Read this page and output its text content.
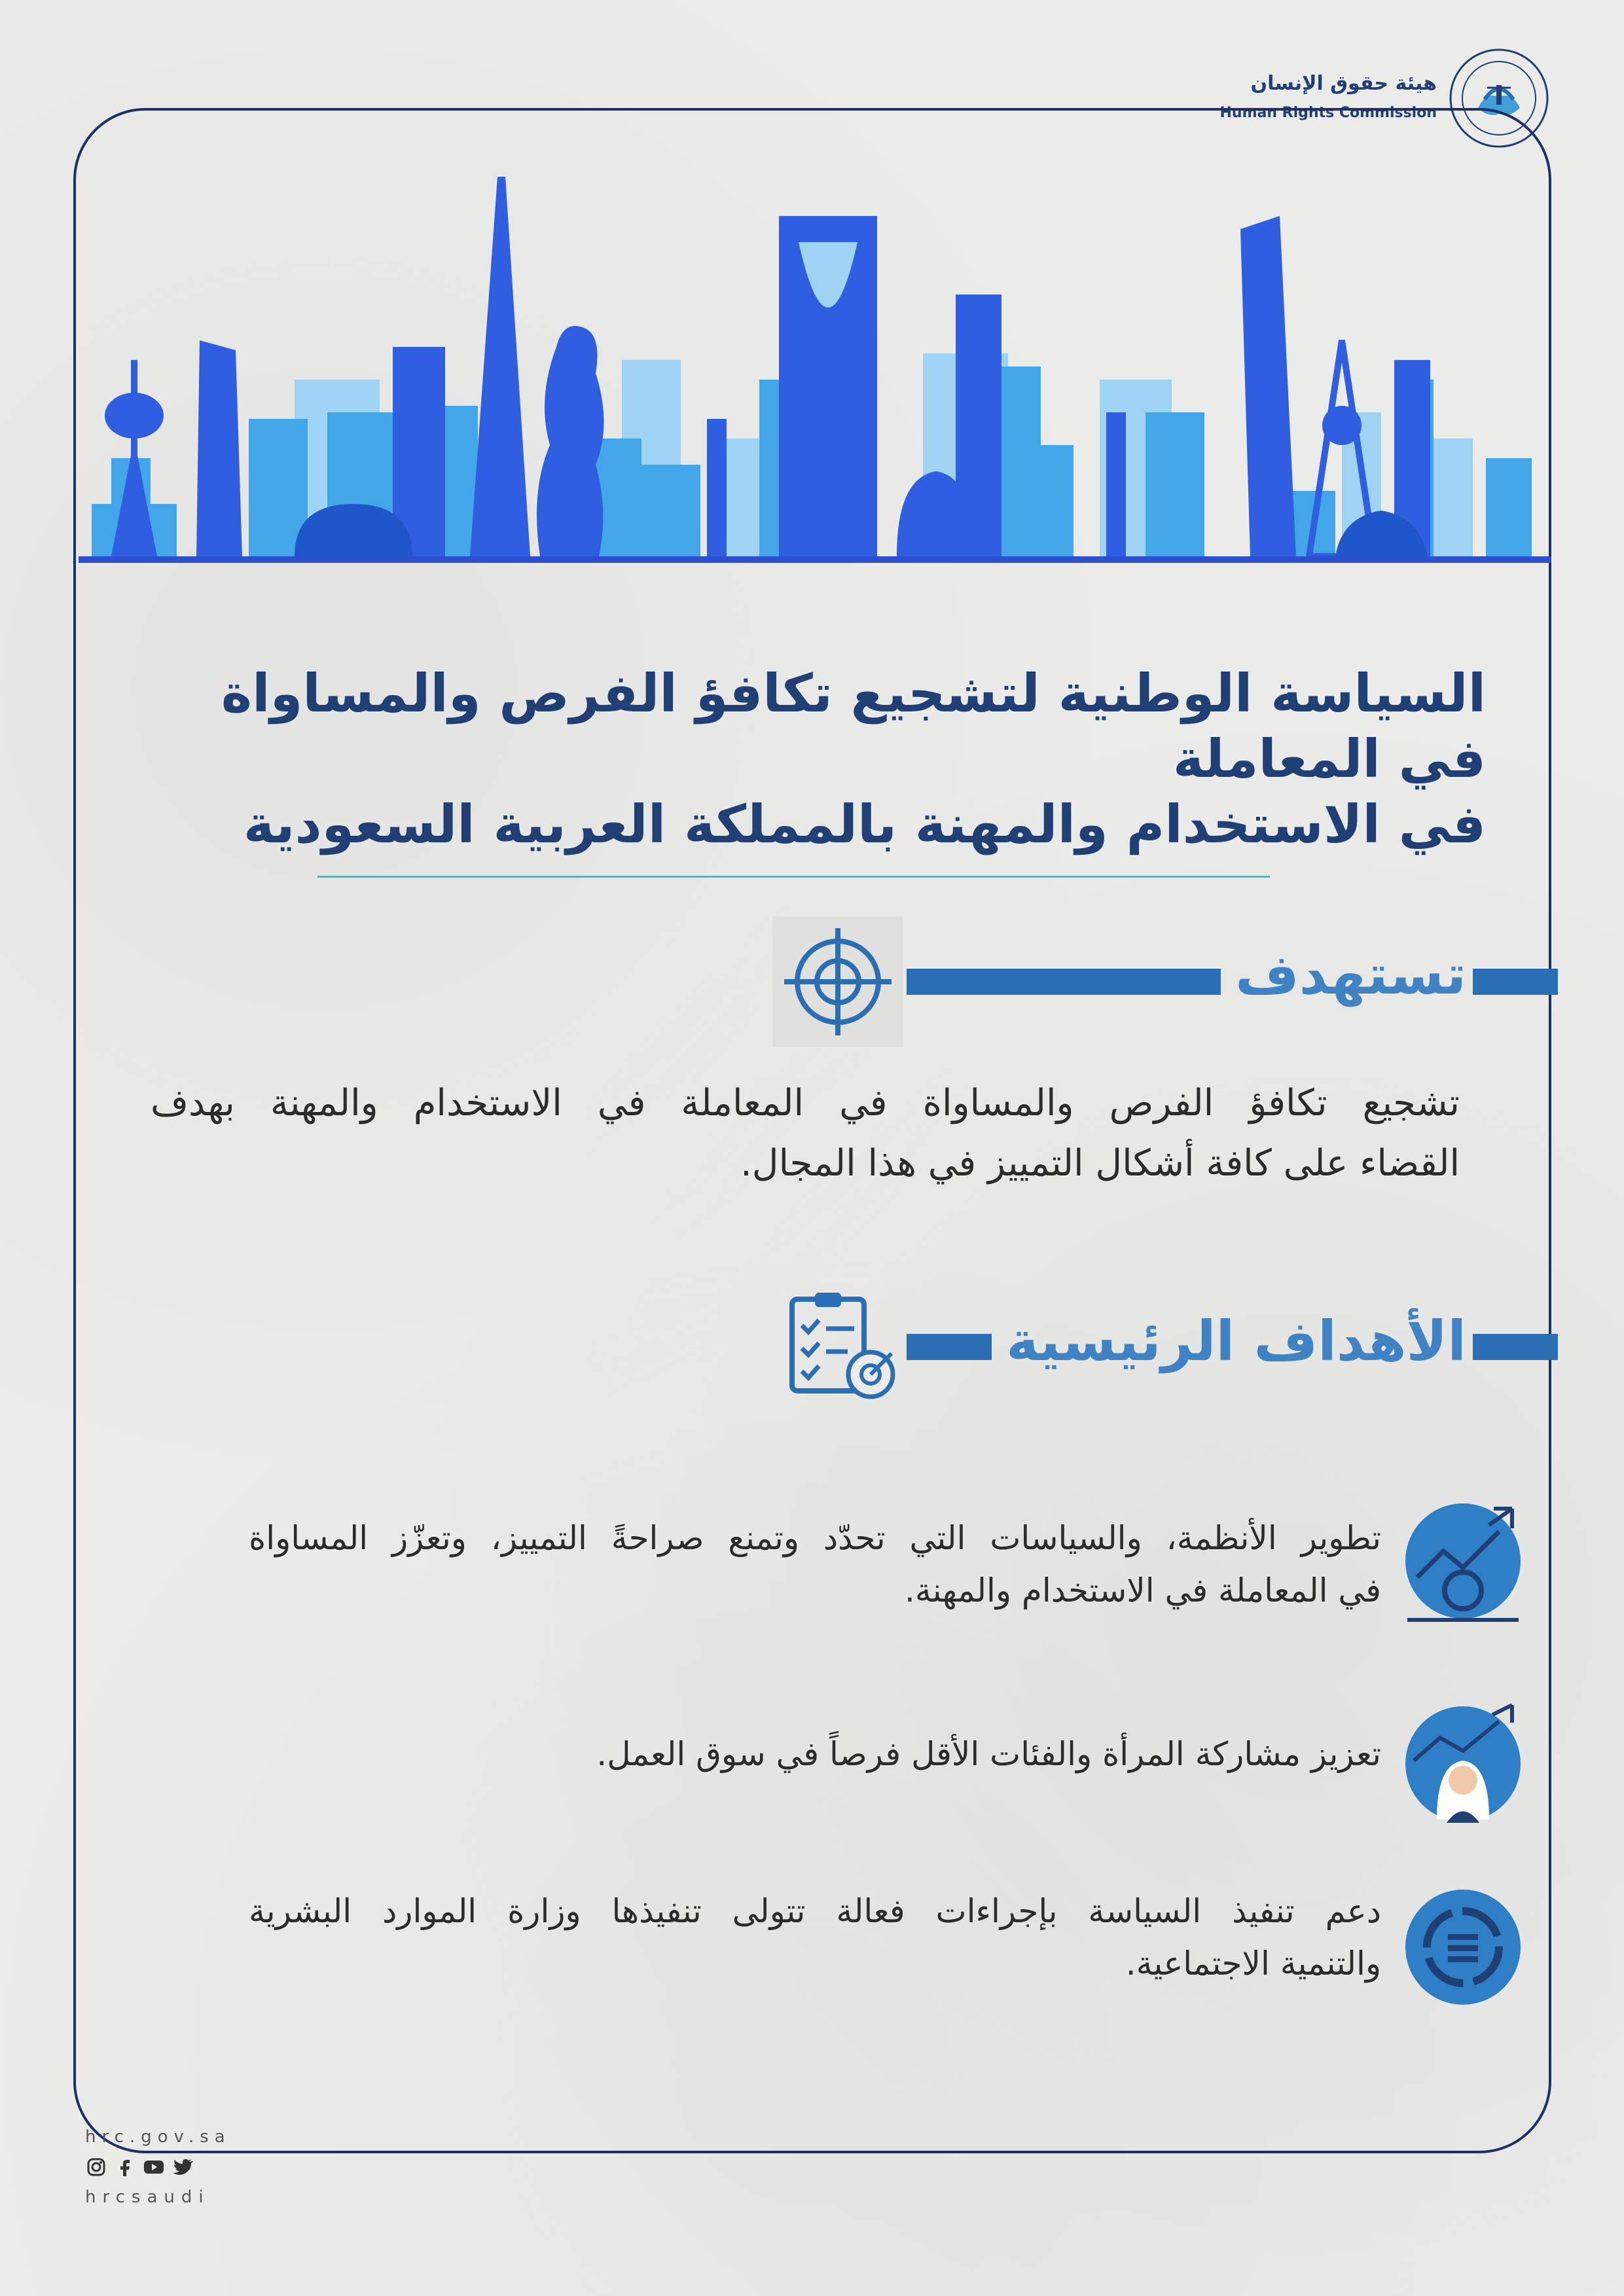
هيئة حقوق الإنسان
Human Rights Commission
السياسة الوطنية لتشجيع تكافؤ الفرص والمساواة في المعاملة
في الاستخدام والمهنة بالمملكة العربية السعودية
تستهدف
تشجيع تكافؤ الفرص والمساواة في المعاملة في الاستخدام والمهنة بهدف
القضاء على كافة أشكال التمييز في هذا المجال.
الأهداف الرئيسية
تطوير الأنظمة، والسياسات التي تحدّد وتمنع صراحةً التمييز، وتعزّز المساواة
في المعاملة في الاستخدام والمهنة.
تعزيز مشاركة المرأة والفئات الأقل فرصاً في سوق العمل.
دعم تنفيذ السياسة بإجراءات فعالة تتولى تنفيذها وزارة الموارد البشرية
والتنمية الاجتماعية.
hrc.gov.sa
hrcsaudi
